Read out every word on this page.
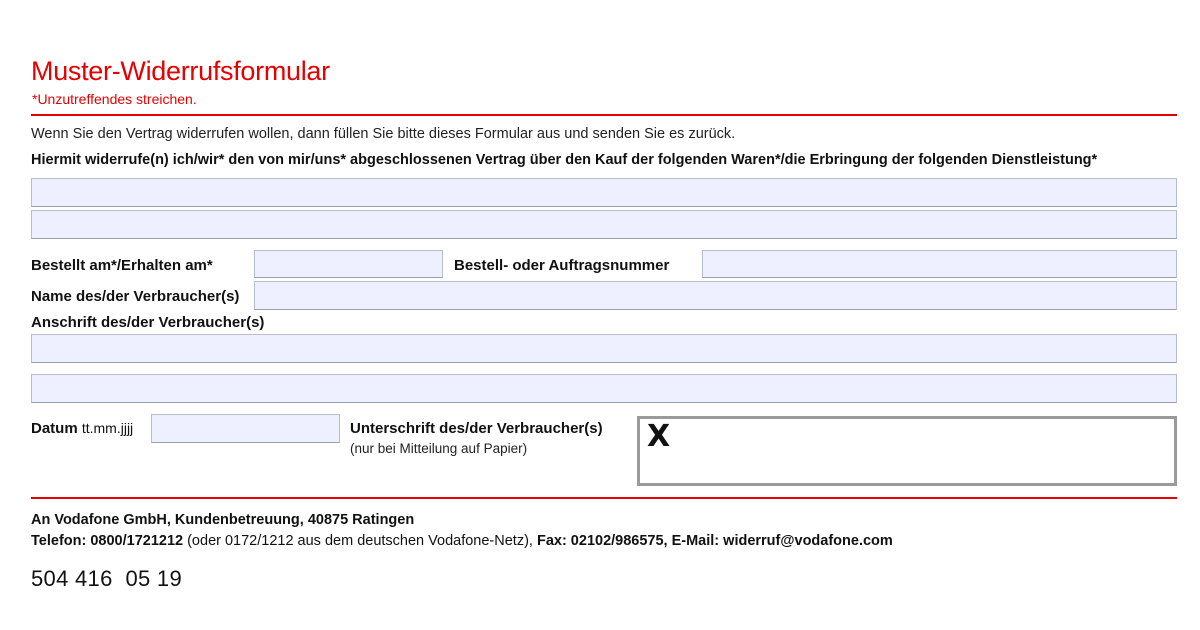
Muster-Widerrufsformular
*Unzutreffendes streichen.
Wenn Sie den Vertrag widerrufen wollen, dann füllen Sie bitte dieses Formular aus und senden Sie es zurück.
Hiermit widerrufe(n) ich/wir* den von mir/uns* abgeschlossenen Vertrag über den Kauf der folgenden Waren*/die Erbringung der folgenden Dienstleistung*
Bestellt am*/Erhalten am*	Bestell- oder Auftragsnummer
Name des/der Verbraucher(s)
Anschrift des/der Verbraucher(s)
Datum tt.mm.jjjj	Unterschrift des/der Verbraucher(s)
(nur bei Mitteilung auf Papier)	X
An Vodafone GmbH, Kundenbetreuung, 40875 Ratingen
Telefon: 0800/1721212 (oder 0172/1212 aus dem deutschen Vodafone-Netz), Fax: 02102/986575, E-Mail: widerruf@vodafone.com
504 416  05 19
